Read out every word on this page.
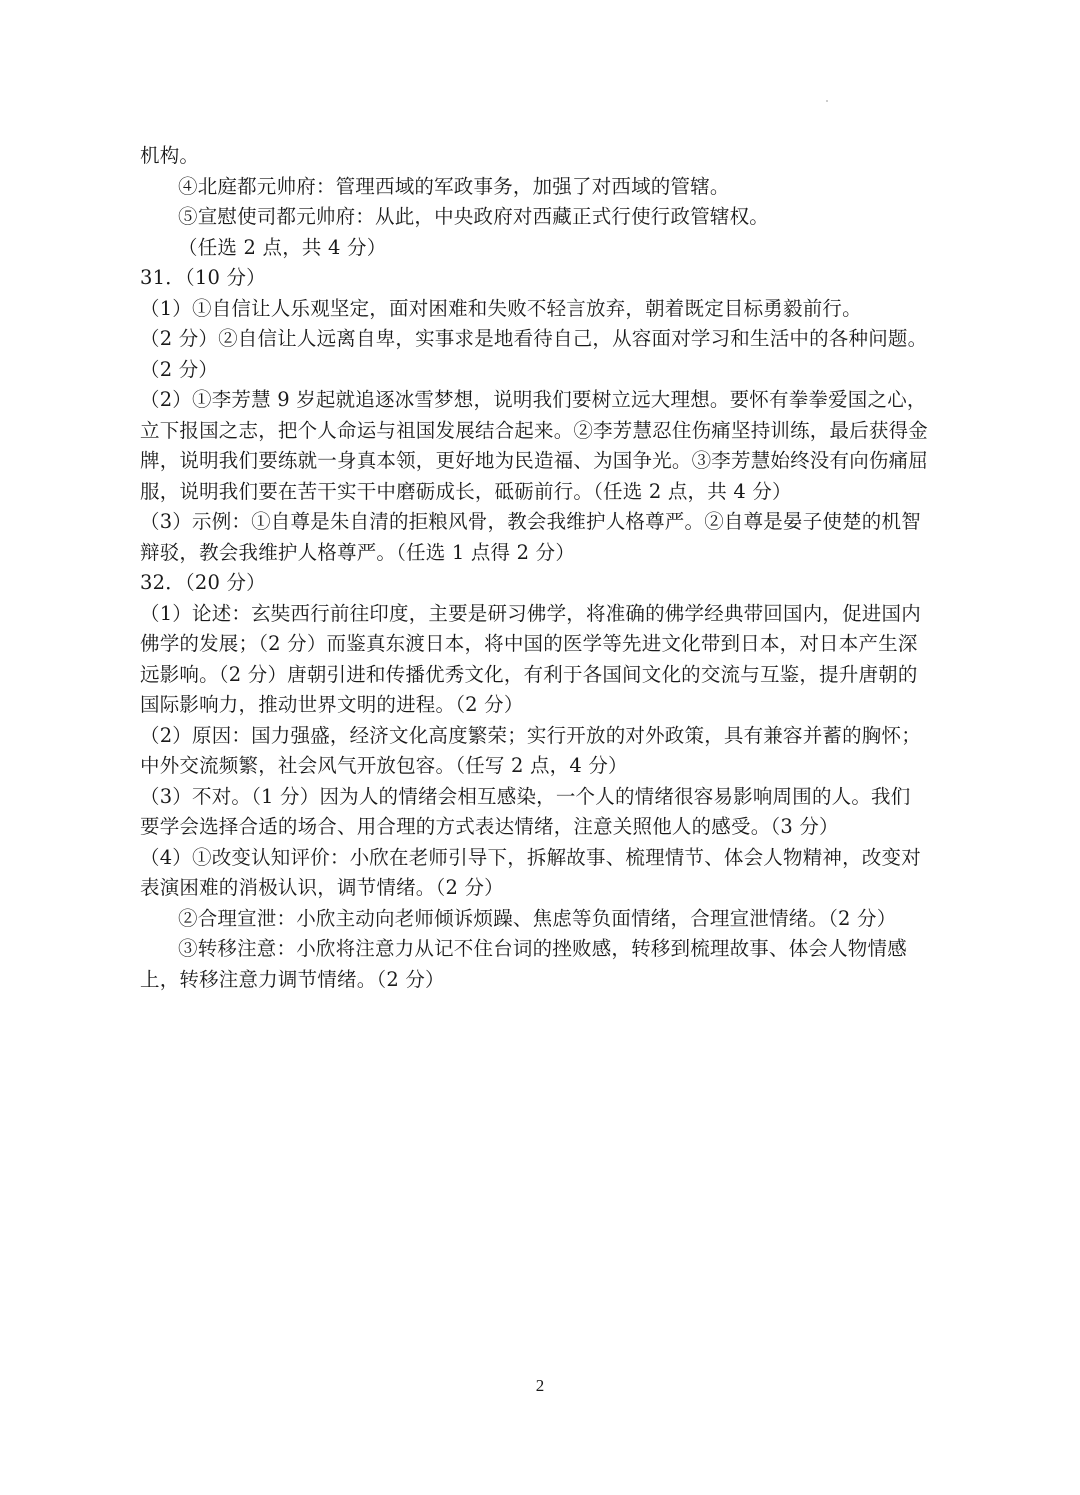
机构。
④北庭都元帅府：管理西域的军政事务，加强了对西域的管辖。
⑤宣慰使司都元帅府：从此，中央政府对西藏正式行使行政管辖权。
（任选 2 点，共 4 分）
31．（10 分）
（1）①自信让人乐观坚定，面对困难和失败不轻言放弃，朝着既定目标勇毅前行。
（2 分）②自信让人远离自卑，实事求是地看待自己，从容面对学习和生活中的各种问题。
（2 分）
（2）①李芳慧 9 岁起就追逐冰雪梦想，说明我们要树立远大理想。要怀有拳拳爱国之心，
立下报国之志，把个人命运与祖国发展结合起来。②李芳慧忍住伤痛坚持训练，最后获得金
牌，说明我们要练就一身真本领，更好地为民造福、为国争光。③李芳慧始终没有向伤痛屈
服，说明我们要在苦干实干中磨砺成长，砥砺前行。（任选 2 点，共 4 分）
（3）示例：①自尊是朱自清的拒粮风骨，教会我维护人格尊严。②自尊是晏子使楚的机智
辩驳，教会我维护人格尊严。（任选 1 点得 2 分）
32．（20 分）
（1）论述：玄奘西行前往印度，主要是研习佛学，将准确的佛学经典带回国内，促进国内
佛学的发展；（2 分）而鉴真东渡日本，将中国的医学等先进文化带到日本，对日本产生深
远影响。（2 分）唐朝引进和传播优秀文化，有利于各国间文化的交流与互鉴，提升唐朝的
国际影响力，推动世界文明的进程。（2 分）
（2）原因：国力强盛，经济文化高度繁荣；实行开放的对外政策，具有兼容并蓄的胸怀；
中外交流频繁，社会风气开放包容。（任写 2 点，4 分）
（3）不对。（1 分）因为人的情绪会相互感染，一个人的情绪很容易影响周围的人。我们
要学会选择合适的场合、用合理的方式表达情绪，注意关照他人的感受。（3 分）
（4）①改变认知评价：小欣在老师引导下，拆解故事、梳理情节、体会人物精神，改变对
表演困难的消极认识，调节情绪。（2 分）
②合理宣泄：小欣主动向老师倾诉烦躁、焦虑等负面情绪，合理宣泄情绪。（2 分）
③转移注意：小欣将注意力从记不住台词的挫败感，转移到梳理故事、体会人物情感
上，转移注意力调节情绪。（2 分）
2
